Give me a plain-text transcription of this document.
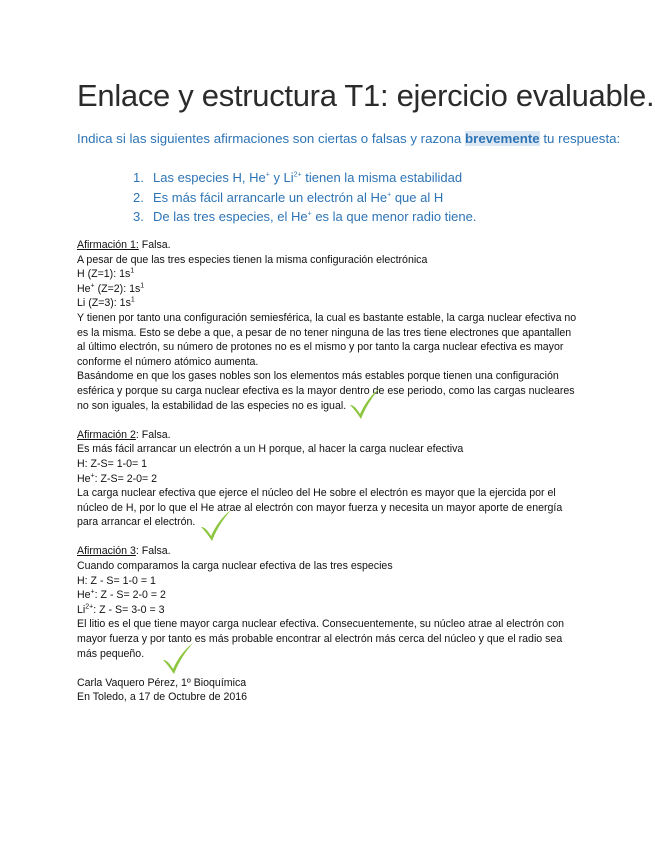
Enlace y estructura T1: ejercicio evaluable.

Indica si las siguientes afirmaciones son ciertas o falsas y razona brevemente tu respuesta:

1. Las especies H, He+ y $Li^{2+}$ tienen la misma estabilidad
2. Es más fácil arrancarle un electrón al He+ que al H
3. De las tres especies, el He+ es la que menor radio tiene.

Afirmación 1: Falsa.

A pesar de que las tres especies tienen la misma configuración electrónica

H (Z=1): $1s^1$

He+ (Z=2): $1s^1$

Li (Z=3): $1s^1$

Y tienen por tanto una configuración semiesférica, la cual es bastante estable, la carga nuclear efectiva no es la misma. Esto se debe a que, a pesar de no tener ninguna de las tres tiene electrones que apantallen al último electrón, su número de protones no es el mismo y por tanto la carga nuclear efectiva es mayor conforme el número atómico aumenta.

Basándome en que los gases nobles son los elementos más estables porque tienen una configuración esférica y porque su carga nuclear efectiva es la mayor dentro de ese periodo, como las cargas nucleares no son iguales, la estabilidad de las especies no es igual.

Afirmación 2: Falsa.

Es más fácil arrancar un electrón a un H porque, al hacer la carga nuclear efectiva

H: Z-S= 1-0= 1

He+: Z-S= 2-0= 2

La carga nuclear efectiva que ejerce el núcleo del He sobre el electrón es mayor que la ejercida por el núcleo de H, por lo que el He atrae al electrón con mayor fuerza y necesita un mayor aporte de energía para arrancar el electrón.

Afirmación 3: Falsa.

Cuando comparamos la carga nuclear efectiva de las tres especies

H: Z - S= 1-0 = 1

He+: Z - S= 2-0 = 2

$Li^{2+}$: Z - S= 3-0 = 3

El litio es el que tiene mayor carga nuclear efectiva. Consecuentemente, su núcleo atrae al electrón con mayor fuerza y por tanto es más probable encontrar al electrón más cerca del núcleo y que el radio sea más pequeño.

Carla Vaquero Pérez, 1º Bioquímica

En Toledo, a 17 de Octubre de 2016
